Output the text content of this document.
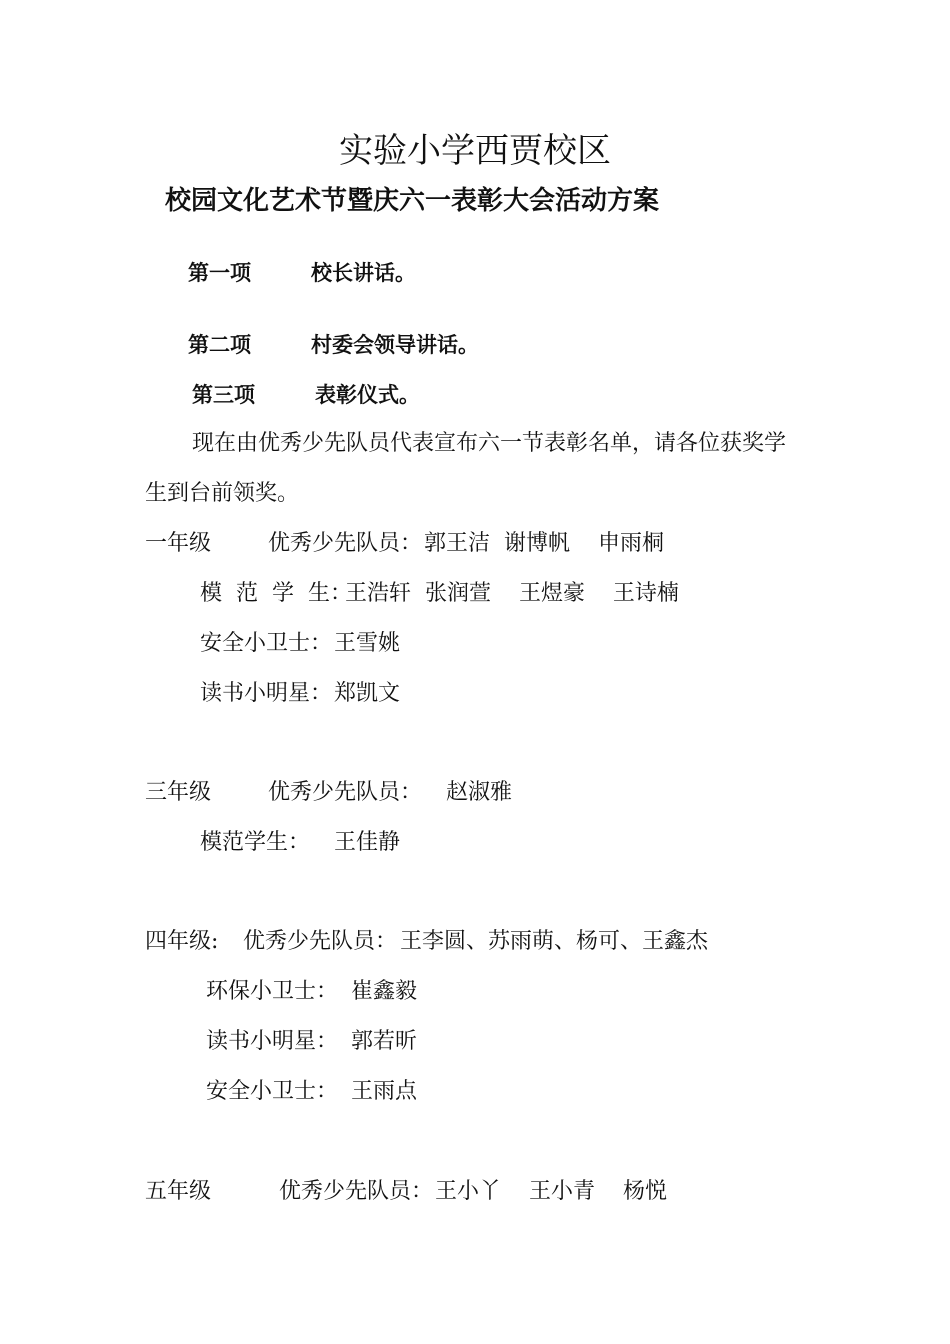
实验小学西贾校区
校园文化艺术节暨庆六一表彰大会活动方案
第一项	校长讲话。
第二项	村委会领导讲话。
第三项	表彰仪式。
现在由优秀少先队员代表宣布六一节表彰名单，请各位获奖学
生到台前领奖。
一年级	优秀少先队员： 郭王洁  谢博帆    申雨桐
模  范  学  生：
王浩轩  张润萱    王煜豪    王诗楠
安全小卫士： 王雪姚
读书小明星： 郑凯文
三年级	优秀少先队员： 赵淑雅
模范学生： 王佳静
四年级: 优秀少先队员： 王李圆、苏雨萌、杨可、王鑫杰
环保小卫士： 崔鑫毅
读书小明星： 郭若昕
安全小卫士： 王雨点
五年级	优秀少先队员： 王小丫    王小青    杨悦
